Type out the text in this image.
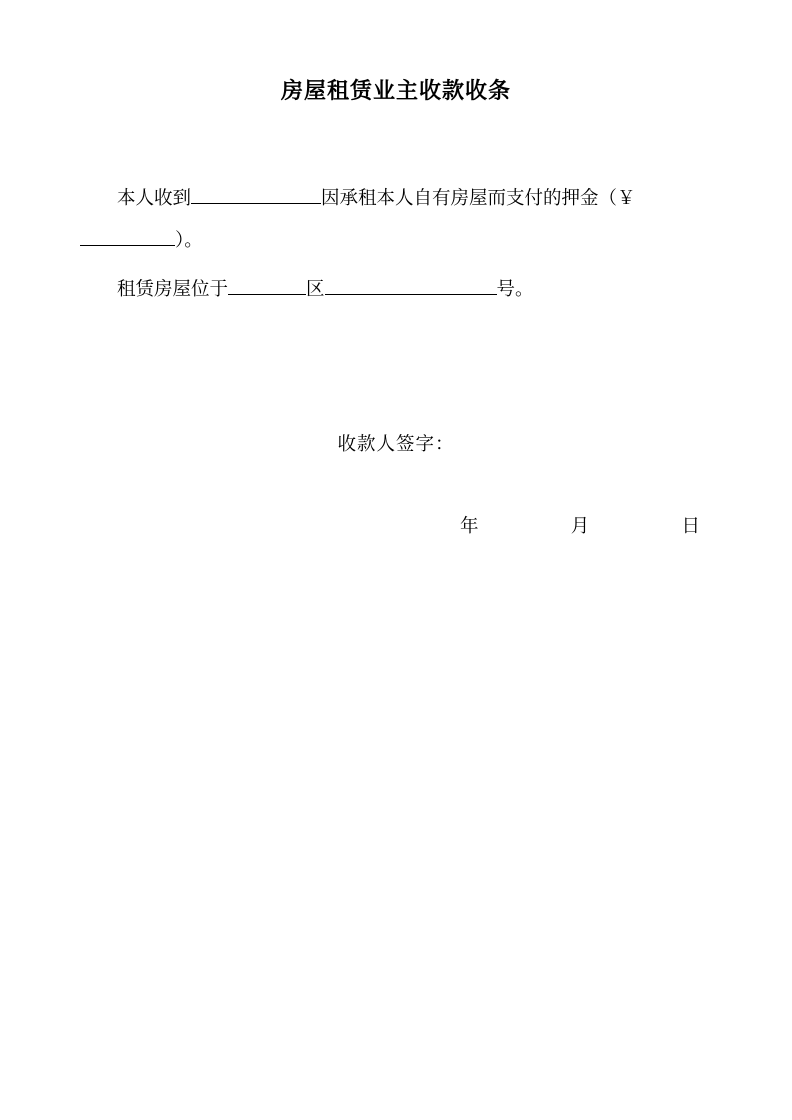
房屋租赁业主收款收条
本人收到	因承租本人自有房屋而支付的押金（￥）。
租赁房屋位于	区	号。
收款人签字：
年	月	日
